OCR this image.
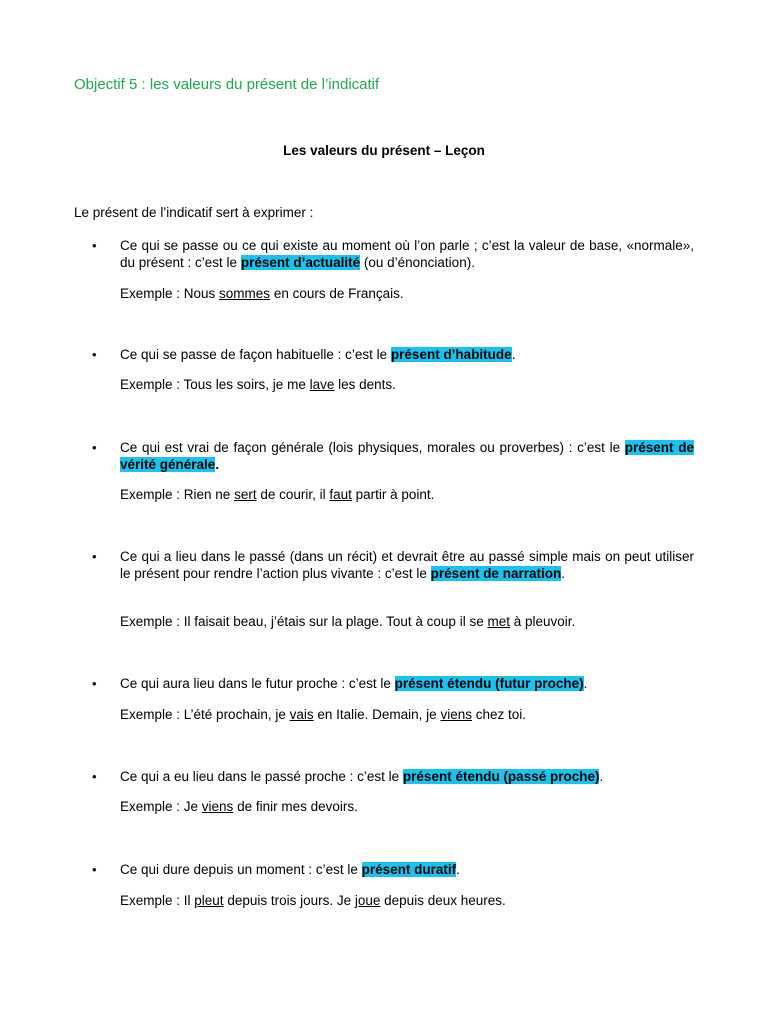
Objectif 5 : les valeurs du présent de l’indicatif
Les valeurs du présent – Leçon

Le présent de l’indicatif sert à exprimer :

•	Ce qui se passe ou ce qui existe au moment où l’on parle ; c’est la valeur de base, «normale», du présent : c’est le présent d’actualité (ou d’énonciation).

Exemple : Nous sommes en cours de Français.

•	Ce qui se passe de façon habituelle : c’est le présent d’habitude.

Exemple : Tous les soirs, je me lave les dents.

•	Ce qui est vrai de façon générale (lois physiques, morales ou proverbes) : c’est le présent de vérité générale.

Exemple : Rien ne sert de courir, il faut partir à point.

•	Ce qui a lieu dans le passé (dans un récit) et devrait être au passé simple mais on peut utiliser le présent pour rendre l’action plus vivante : c’est le présent de narration.

Exemple : Il faisait beau, j’étais sur la plage. Tout à coup il se met à pleuvoir.

•	Ce qui aura lieu dans le futur proche : c’est le présent étendu (futur proche).

Exemple : L’été prochain, je vais en Italie. Demain, je viens chez toi.

•	Ce qui a eu lieu dans le passé proche : c’est le présent étendu (passé proche).

Exemple : Je viens de finir mes devoirs.

•	Ce qui dure depuis un moment : c’est le présent duratif.

Exemple : Il pleut depuis trois jours. Je joue depuis deux heures.
